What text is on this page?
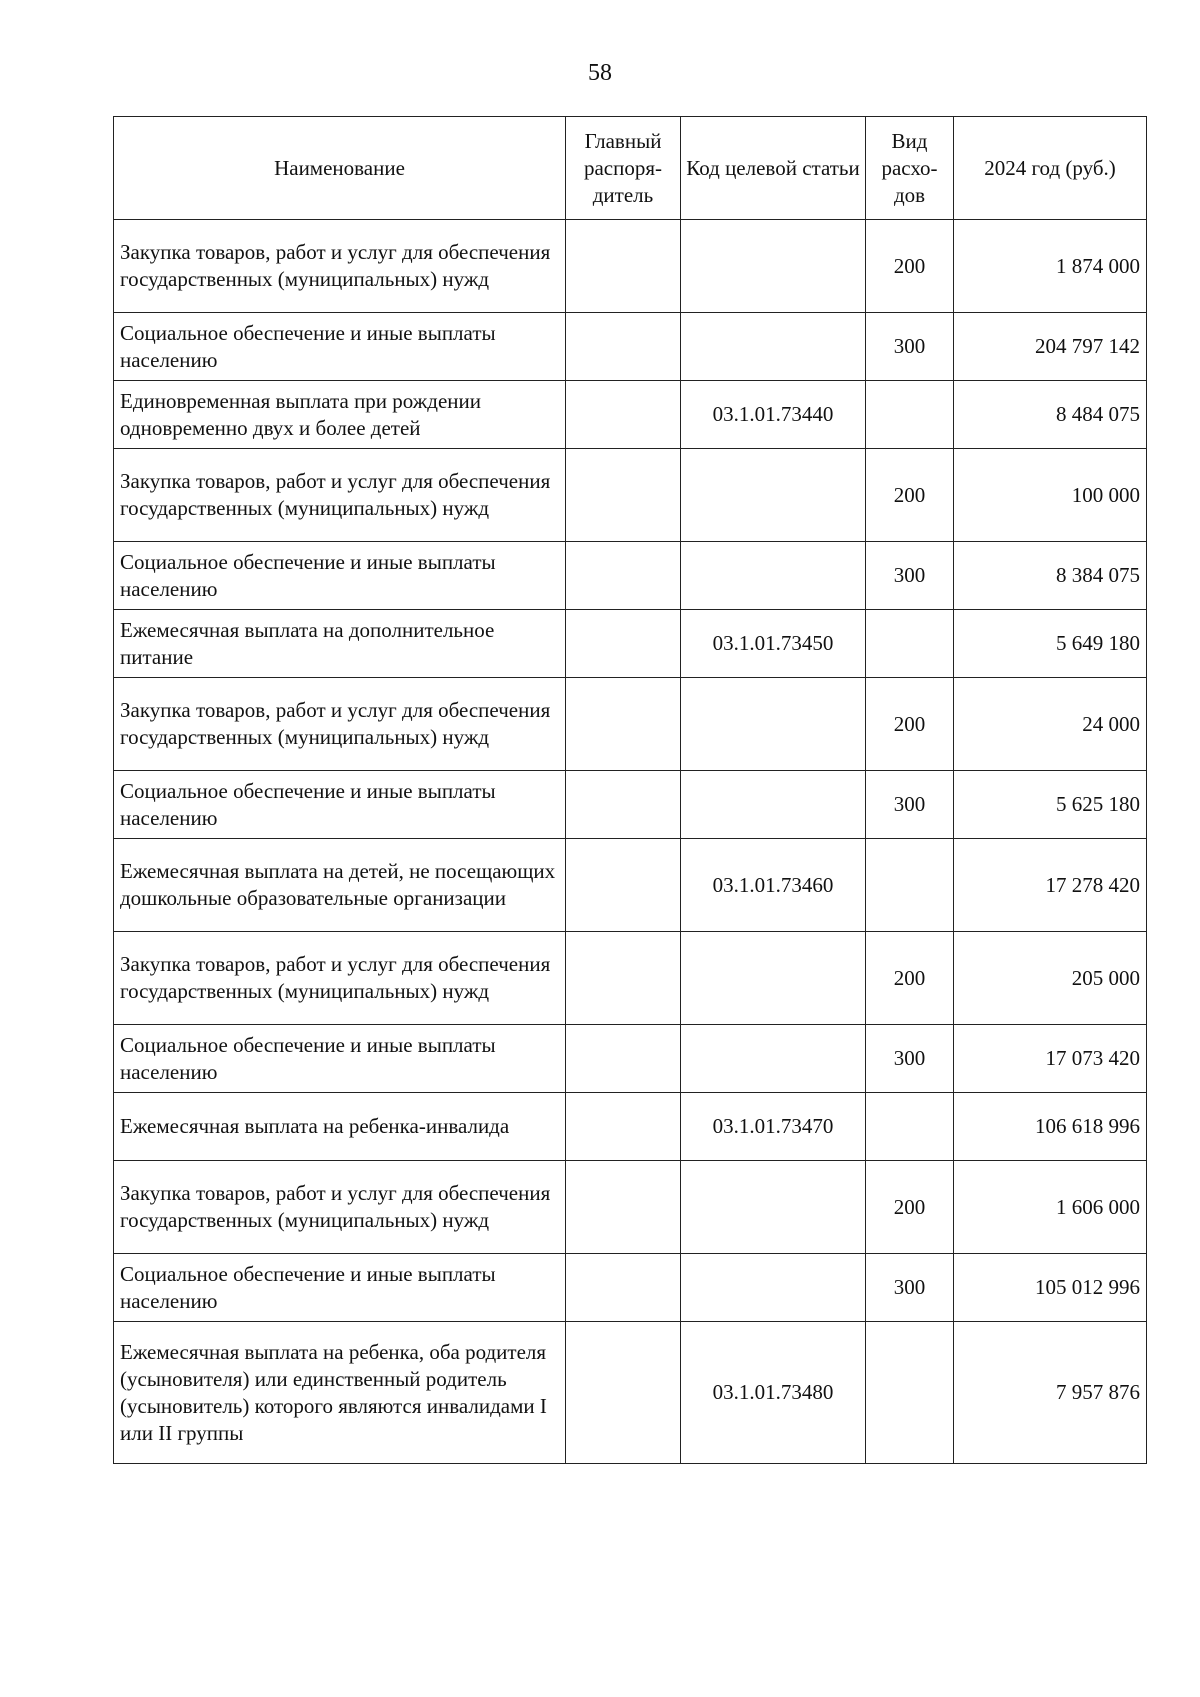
58
Наименование	Главный распоря-дитель	Код целевой статьи	Вид расхо-дов	2024 год (руб.)
Закупка товаров, работ и услуг для обеспечения государственных (муниципальных) нужд			200	1 874 000
Социальное обеспечение и иные выплаты населению			300	204 797 142
Единовременная выплата при рождении одновременно двух и более детей		03.1.01.73440		8 484 075
Закупка товаров, работ и услуг для обеспечения государственных (муниципальных) нужд			200	100 000
Социальное обеспечение и иные выплаты населению			300	8 384 075
Ежемесячная выплата на дополнительное питание		03.1.01.73450		5 649 180
Закупка товаров, работ и услуг для обеспечения государственных (муниципальных) нужд			200	24 000
Социальное обеспечение и иные выплаты населению			300	5 625 180
Ежемесячная выплата на детей, не посещающих дошкольные образовательные организации		03.1.01.73460		17 278 420
Закупка товаров, работ и услуг для обеспечения государственных (муниципальных) нужд			200	205 000
Социальное обеспечение и иные выплаты населению			300	17 073 420
Ежемесячная выплата на ребенка-инвалида		03.1.01.73470		106 618 996
Закупка товаров, работ и услуг для обеспечения государственных (муниципальных) нужд			200	1 606 000
Социальное обеспечение и иные выплаты населению			300	105 012 996
Ежемесячная выплата на ребенка, оба родителя (усыновителя) или единственный родитель (усыновитель) которого являются инвалидами I или II группы		03.1.01.73480		7 957 876
